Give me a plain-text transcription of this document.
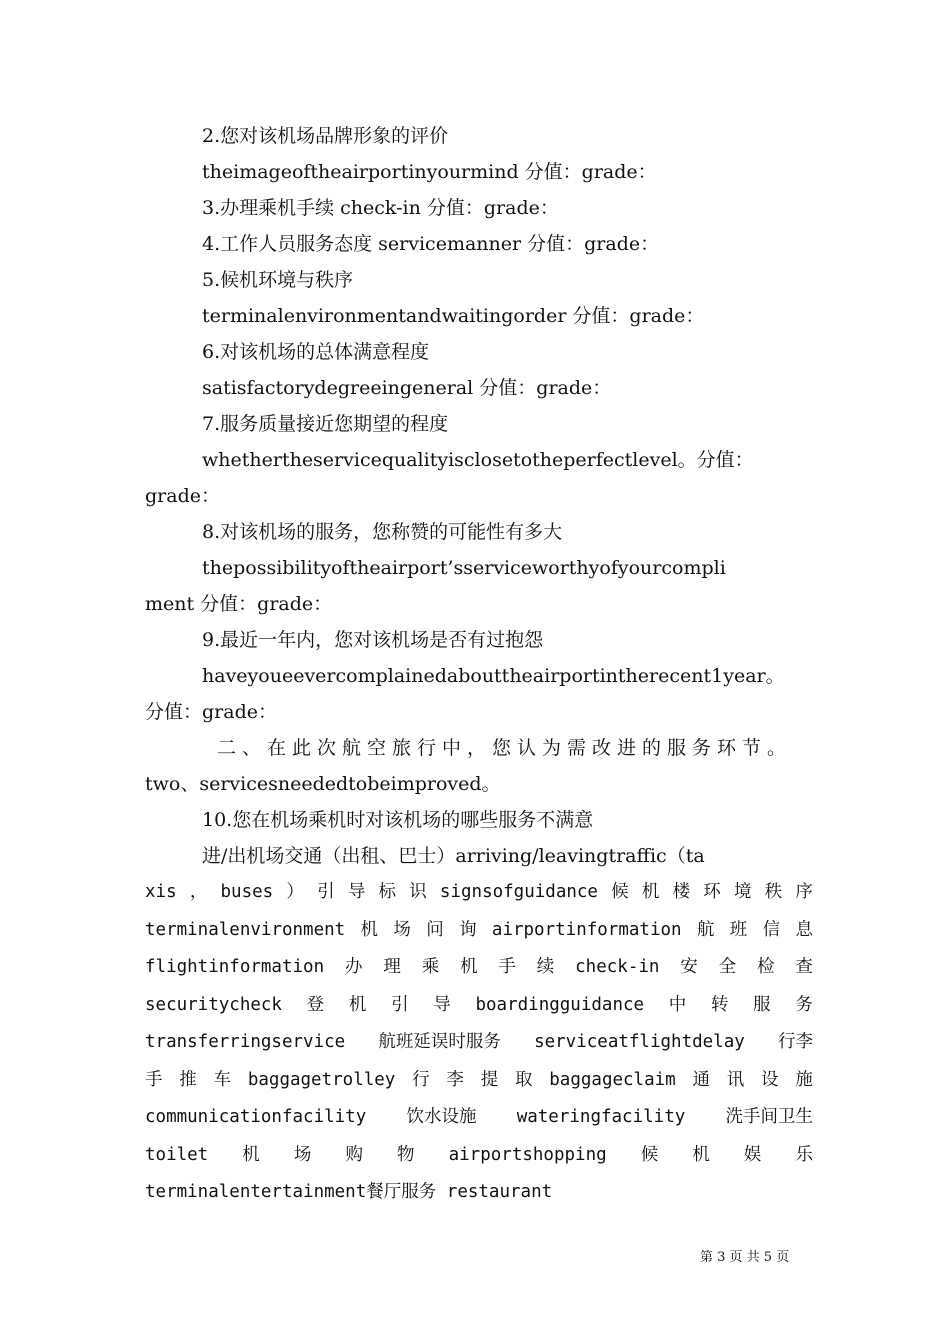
2.您对该机场品牌形象的评价
theimageoftheairportinyourmind 分值：grade：
3.办理乘机手续 check-in 分值：grade：
4.工作人员服务态度 servicemanner 分值：grade：
5.候机环境与秩序
terminalenvironmentandwaitingorder 分值：grade：
6.对该机场的总体满意程度
satisfactorydegreeingeneral 分值：grade：
7.服务质量接近您期望的程度
whethertheservicequalityisclosetotheperfectlevel。分值：
grade：
8.对该机场的服务，您称赞的可能性有多大
thepossibilityoftheairport’sserviceworthyofyourcompli
ment 分值：grade：
9.最近一年内，您对该机场是否有过抱怨
haveyoueevercomplainedabouttheairportintherecent1year。
分值：grade：
二、在此次航空旅行中，您认为需改进的服务环节。
two、servicesneededtobeimproved。
10.您在机场乘机时对该机场的哪些服务不满意
进/出机场交通（出租、巴士）arriving/leavingtraffic（ta
xis ， buses ） 引 导 标 识 signsofguidance 候 机 楼 环 境 秩 序
terminalenvironment 机 场 问 询 airportinformation 航 班 信 息
flightinformation 办 理 乘 机 手 续 check-in 安 全 检 查
securitycheck 登 机 引 导 boardingguidance 中 转 服 务
transferringservice 航班延误时服务 serviceatflightdelay 行李
手 推 车 baggagetrolley 行 李 提 取 baggageclaim 通 讯 设 施
communicationfacility 饮水设施 wateringfacility 洗手间卫生
toilet 机 场 购 物 airportshopping 候 机 娱 乐
terminalentertainment餐厅服务 restaurant
第 3 页 共 5 页
